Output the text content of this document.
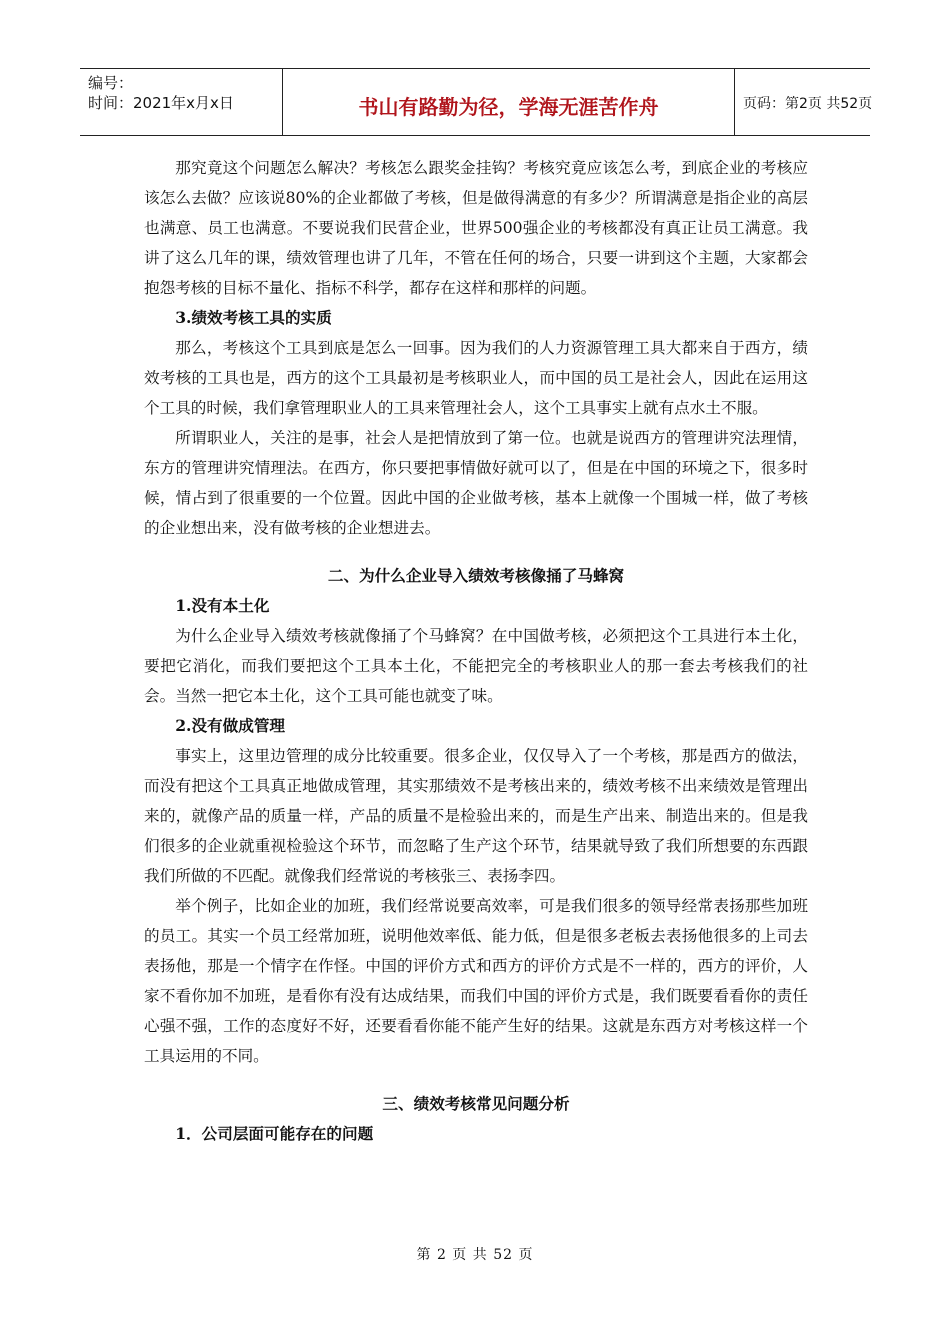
编号：
时间：2021年x月x日	书山有路勤为径，学海无涯苦作舟	页码：第2页 共52页

那究竟这个问题怎么解决？考核怎么跟奖金挂钩？考核究竟应该怎么考，到底企业的考核应该怎么去做？应该说80%的企业都做了考核，但是做得满意的有多少？所谓满意是指企业的高层也满意、员工也满意。不要说我们民营企业，世界500强企业的考核都没有真正让员工满意。我讲了这么几年的课，绩效管理也讲了几年，不管在任何的场合，只要一讲到这个主题，大家都会抱怨考核的目标不量化、指标不科学，都存在这样和那样的问题。

3.绩效考核工具的实质

那么，考核这个工具到底是怎么一回事。因为我们的人力资源管理工具大都来自于西方，绩效考核的工具也是，西方的这个工具最初是考核职业人，而中国的员工是社会人，因此在运用这个工具的时候，我们拿管理职业人的工具来管理社会人，这个工具事实上就有点水土不服。

所谓职业人，关注的是事，社会人是把情放到了第一位。也就是说西方的管理讲究法理情，东方的管理讲究情理法。在西方，你只要把事情做好就可以了，但是在中国的环境之下，很多时候，情占到了很重要的一个位置。因此中国的企业做考核，基本上就像一个围城一样，做了考核的企业想出来，没有做考核的企业想进去。

二、为什么企业导入绩效考核像捅了马蜂窝

1.没有本土化

为什么企业导入绩效考核就像捅了个马蜂窝？在中国做考核，必须把这个工具进行本土化，要把它消化，而我们要把这个工具本土化，不能把完全的考核职业人的那一套去考核我们的社会。当然一把它本土化，这个工具可能也就变了味。

2.没有做成管理

事实上，这里边管理的成分比较重要。很多企业，仅仅导入了一个考核，那是西方的做法，而没有把这个工具真正地做成管理，其实那绩效不是考核出来的，绩效考核不出来绩效是管理出来的，就像产品的质量一样，产品的质量不是检验出来的，而是生产出来、制造出来的。但是我们很多的企业就重视检验这个环节，而忽略了生产这个环节，结果就导致了我们所想要的东西跟我们所做的不匹配。就像我们经常说的考核张三、表扬李四。

举个例子，比如企业的加班，我们经常说要高效率，可是我们很多的领导经常表扬那些加班的员工。其实一个员工经常加班，说明他效率低、能力低，但是很多老板去表扬他很多的上司去表扬他，那是一个情字在作怪。中国的评价方式和西方的评价方式是不一样的，西方的评价，人家不看你加不加班，是看你有没有达成结果，而我们中国的评价方式是，我们既要看看你的责任心强不强，工作的态度好不好，还要看看你能不能产生好的结果。这就是东西方对考核这样一个工具运用的不同。

三、绩效考核常见问题分析

1．公司层面可能存在的问题

第 2 页 共 52 页
